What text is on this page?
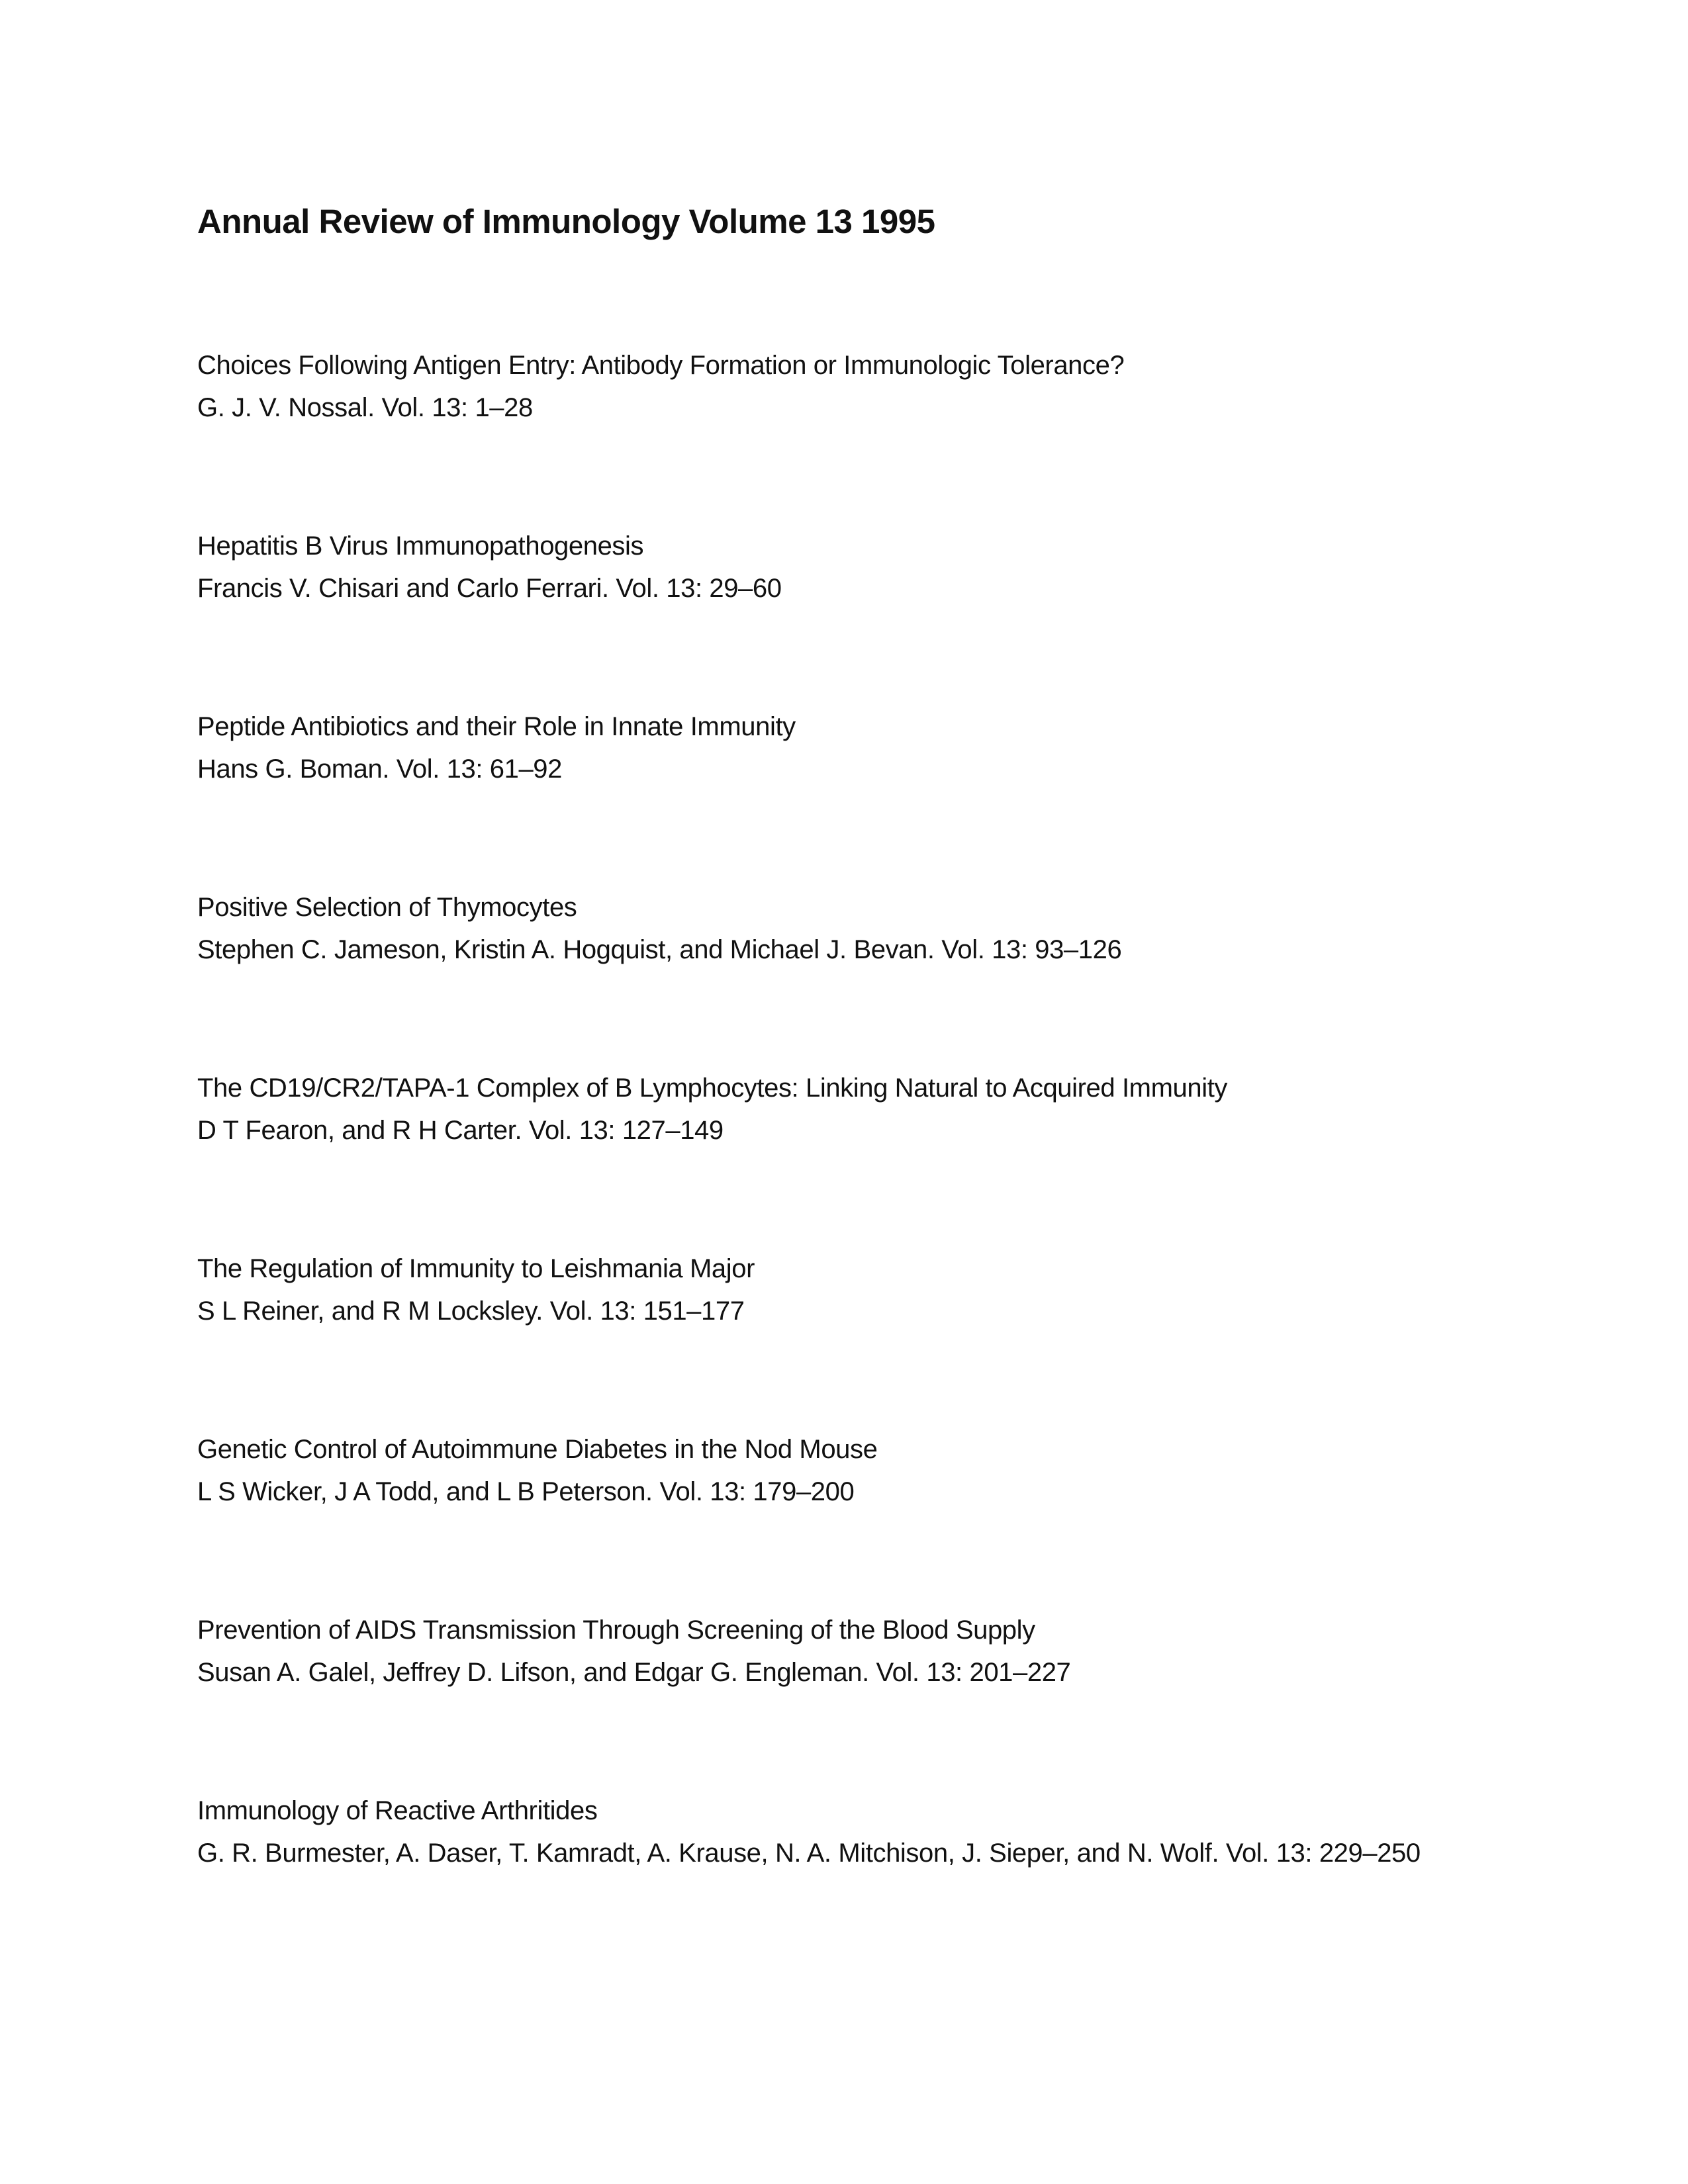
Annual Review of Immunology Volume 13 1995
Choices Following Antigen Entry: Antibody Formation or Immunologic Tolerance?
G. J. V. Nossal. Vol. 13: 1–28
Hepatitis B Virus Immunopathogenesis
Francis V. Chisari and Carlo Ferrari. Vol. 13: 29–60
Peptide Antibiotics and their Role in Innate Immunity
Hans G. Boman. Vol. 13: 61–92
Positive Selection of Thymocytes
Stephen C. Jameson, Kristin A. Hogquist, and Michael J. Bevan. Vol. 13: 93–126
The CD19/CR2/TAPA-1 Complex of B Lymphocytes: Linking Natural to Acquired Immunity
D T Fearon, and R H Carter. Vol. 13: 127–149
The Regulation of Immunity to Leishmania Major
S L Reiner, and R M Locksley. Vol. 13: 151–177
Genetic Control of Autoimmune Diabetes in the Nod Mouse
L S Wicker, J A Todd, and L B Peterson. Vol. 13: 179–200
Prevention of AIDS Transmission Through Screening of the Blood Supply
Susan A. Galel, Jeffrey D. Lifson, and Edgar G. Engleman. Vol. 13: 201–227
Immunology of Reactive Arthritides
G. R. Burmester, A. Daser, T. Kamradt, A. Krause, N. A. Mitchison, J. Sieper, and N. Wolf. Vol. 13: 229–250
